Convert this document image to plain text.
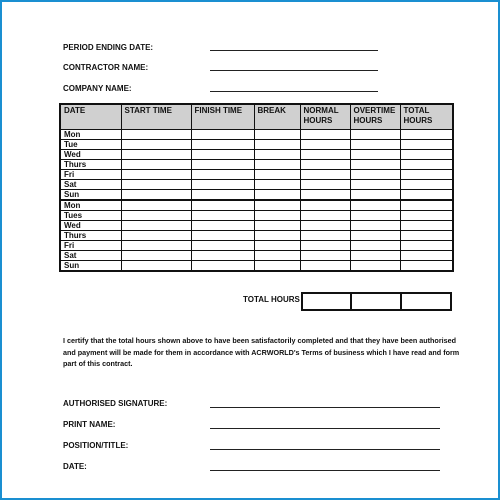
PERIOD ENDING DATE:
CONTRACTOR NAME:
COMPANY NAME:
DATE	START TIME	FINISH TIME	BREAK	NORMAL HOURS	OVERTIME HOURS	TOTAL HOURS
Mon						
Tue						
Wed						
Thurs						
Fri						
Sat						
Sun						
Mon						
Tues						
Wed						
Thurs						
Fri						
Sat						
Sun						
TOTAL HOURS
I certify that the total hours shown above to have been satisfactorily completed and that they have been authorised and payment will be made for them in accordance with ACRWORLD's Terms of business which I have read and form part of this contract.
AUTHORISED SIGNATURE:
PRINT NAME:
POSITION/TITLE:
DATE:
